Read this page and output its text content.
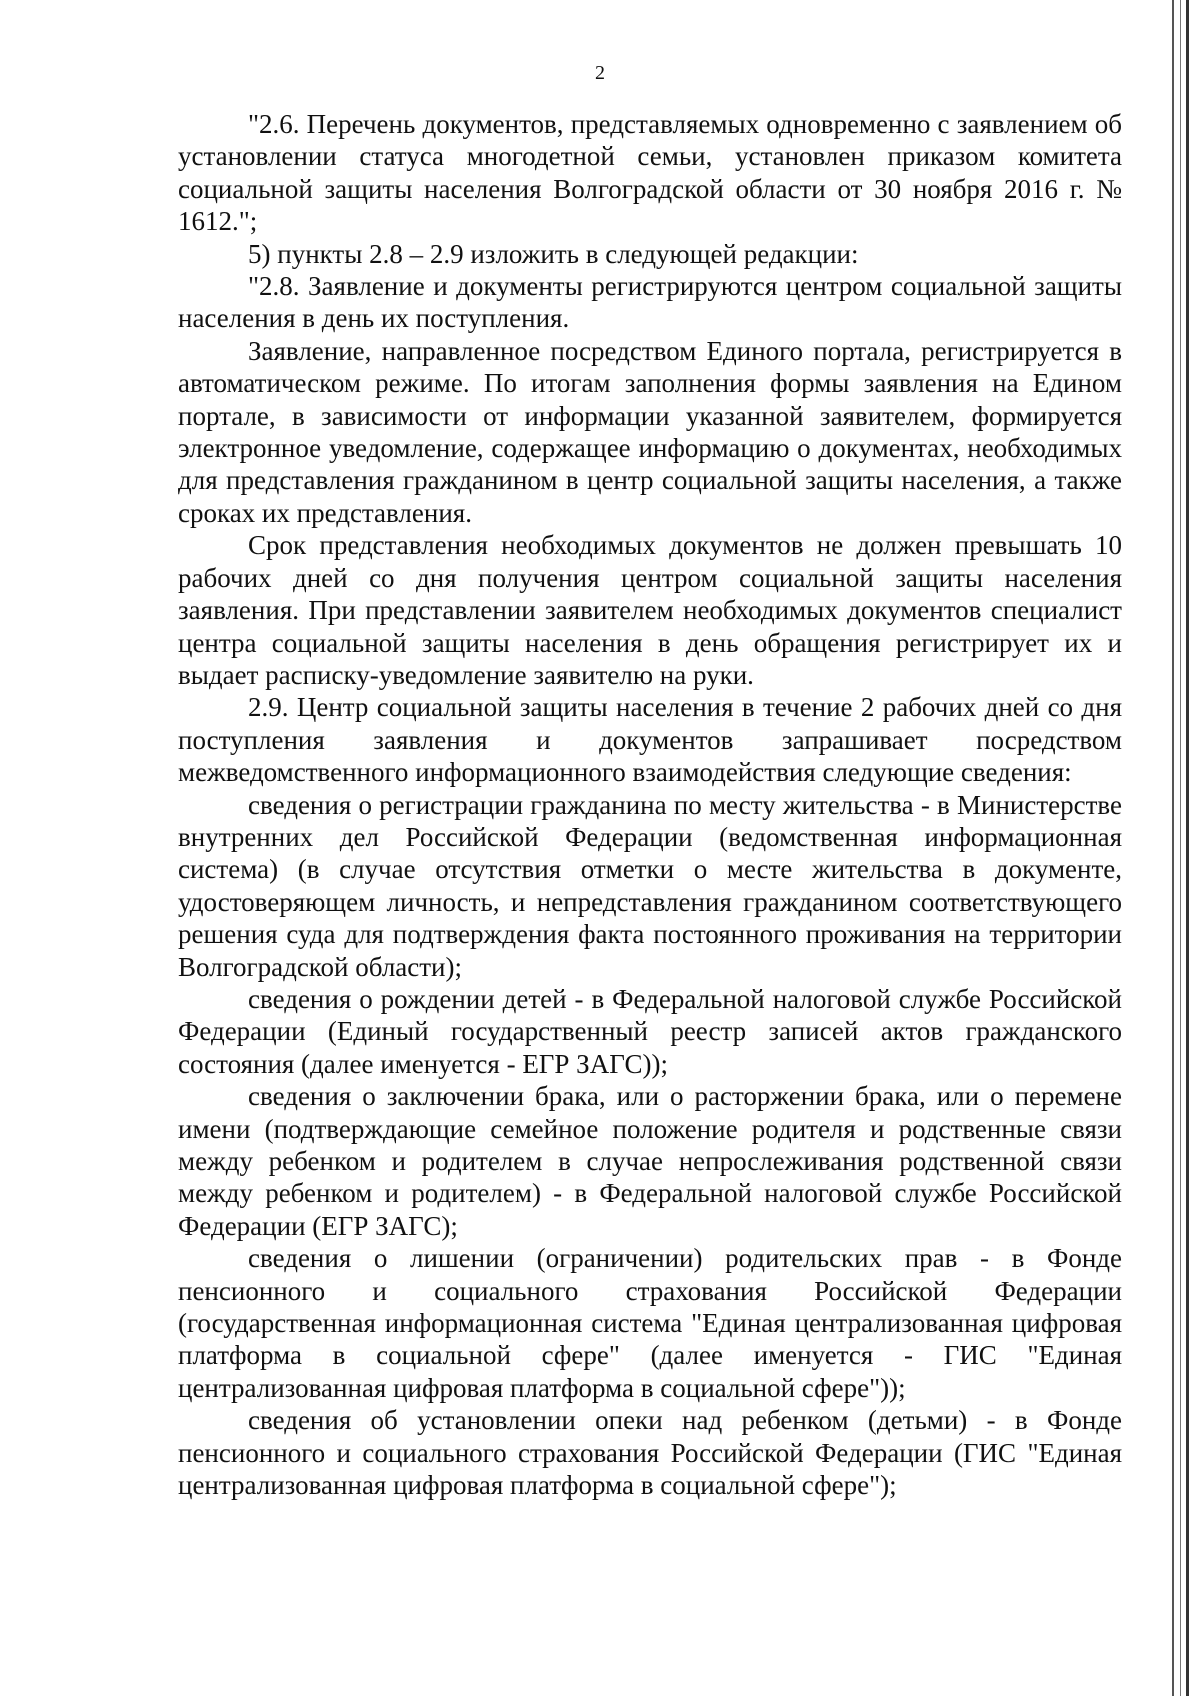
2

"2.6. Перечень документов, представляемых одновременно с заявлением об установлении статуса многодетной семьи, установлен приказом комитета социальной защиты населения Волгоградской области от 30 ноября 2016 г. № 1612.";

5) пункты 2.8 – 2.9 изложить в следующей редакции:

"2.8. Заявление и документы регистрируются центром социальной защиты населения в день их поступления.

Заявление, направленное посредством Единого портала, регистрируется в автоматическом режиме. По итогам заполнения формы заявления на Едином портале, в зависимости от информации указанной заявителем, формируется электронное уведомление, содержащее информацию о документах, необходимых для представления гражданином в центр социальной защиты населения, а также сроках их представления.

Срок представления необходимых документов не должен превышать 10 рабочих дней со дня получения центром социальной защиты населения заявления. При представлении заявителем необходимых документов специалист центра социальной защиты населения в день обращения регистрирует их и выдает расписку-уведомление заявителю на руки.

2.9. Центр социальной защиты населения в течение 2 рабочих дней со дня поступления заявления и документов запрашивает посредством межведомственного информационного взаимодействия следующие сведения:

сведения о регистрации гражданина по месту жительства - в Министерстве внутренних дел Российской Федерации (ведомственная информационная система) (в случае отсутствия отметки о месте жительства в документе, удостоверяющем личность, и непредставления гражданином соответствующего решения суда для подтверждения факта постоянного проживания на территории Волгоградской области);

сведения о рождении детей - в Федеральной налоговой службе Российской Федерации (Единый государственный реестр записей актов гражданского состояния (далее именуется - ЕГР ЗАГС));

сведения о заключении брака, или о расторжении брака, или о перемене имени (подтверждающие семейное положение родителя и родственные связи между ребенком и родителем в случае непрослеживания родственной связи между ребенком и родителем) - в Федеральной налоговой службе Российской Федерации (ЕГР ЗАГС);

сведения о лишении (ограничении) родительских прав - в Фонде пенсионного и социального страхования Российской Федерации (государственная информационная система "Единая централизованная цифровая платформа в социальной сфере" (далее именуется - ГИС "Единая централизованная цифровая платформа в социальной сфере"));

сведения об установлении опеки над ребенком (детьми) - в Фонде пенсионного и социального страхования Российской Федерации (ГИС "Единая централизованная цифровая платформа в социальной сфере");
